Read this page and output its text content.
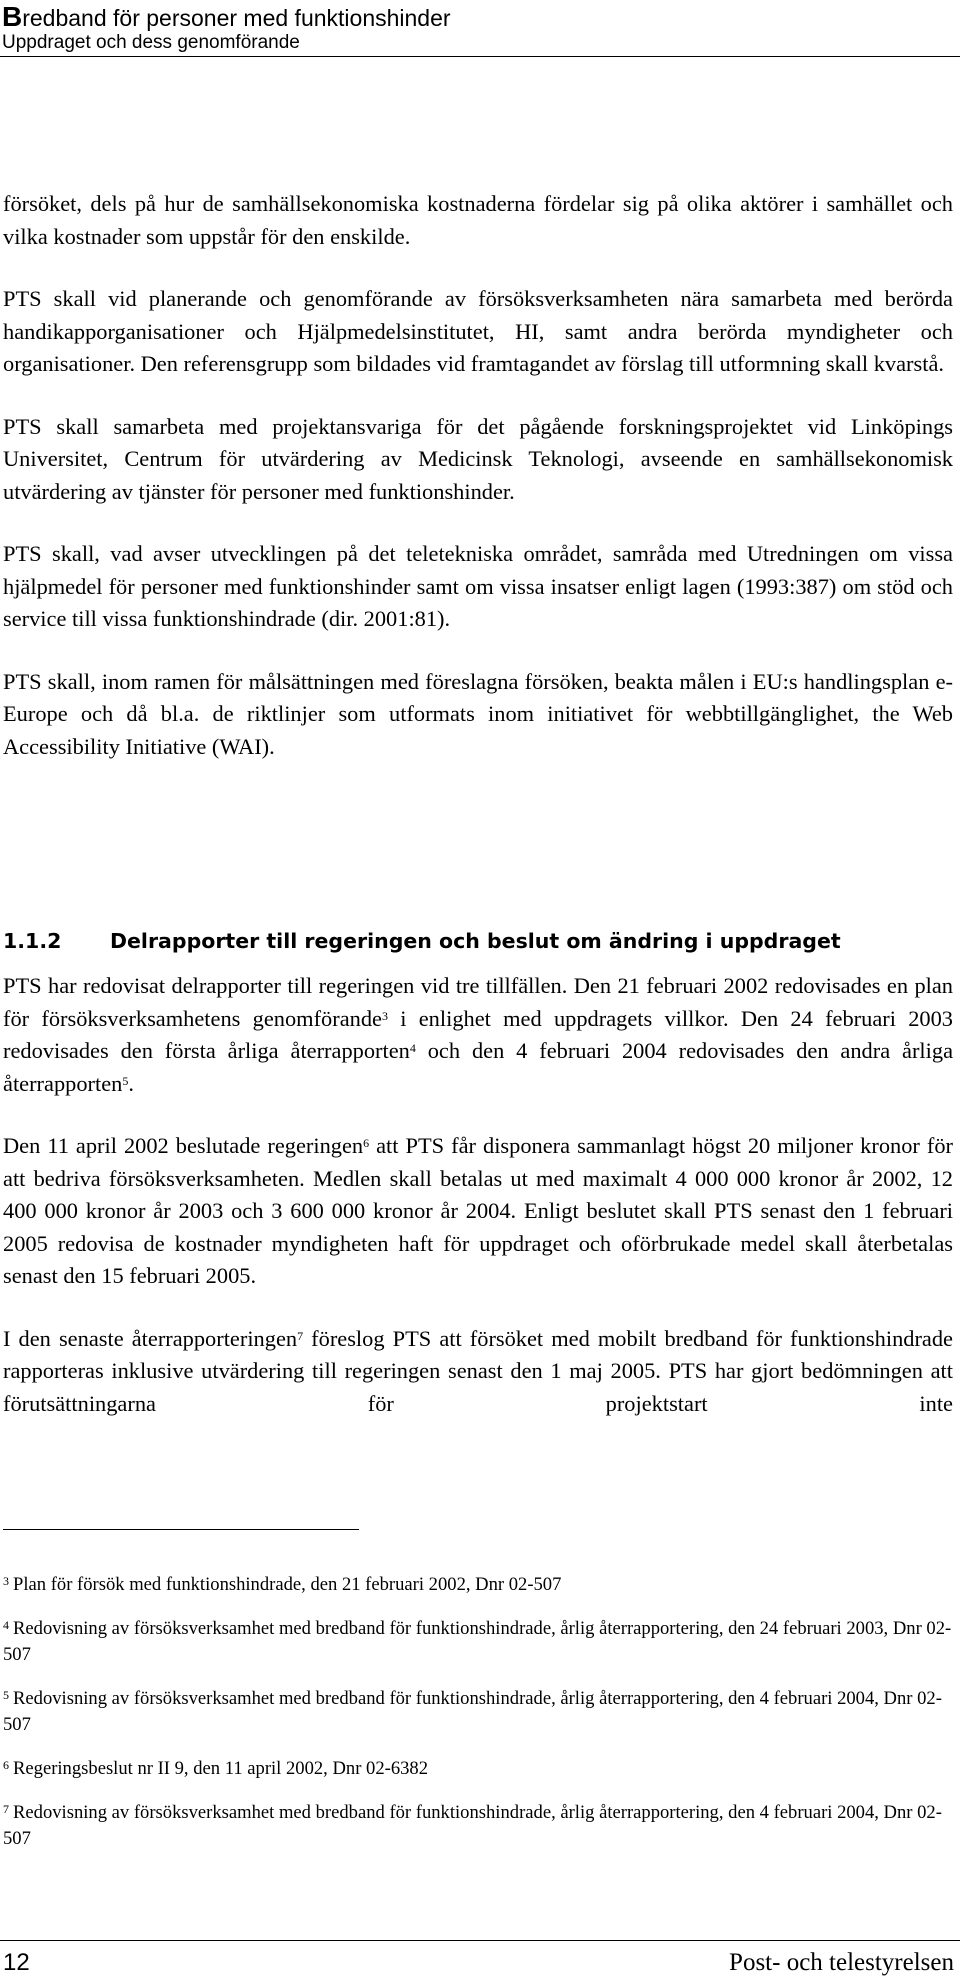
Bredband för personer med funktionshinder
Uppdraget och dess genomförande

försöket, dels på hur de samhällsekonomiska kostnaderna fördelar sig på olika aktörer i samhället och vilka kostnader som uppstår för den enskilde.

PTS skall vid planerande och genomförande av försöksverksamheten nära samarbeta med berörda handikapporganisationer och Hjälpmedelsinstitutet, HI, samt andra berörda myndigheter och organisationer. Den referensgrupp som bildades vid framtagandet av förslag till utformning skall kvarstå.

PTS skall samarbeta med projektansvariga för det pågående forskningsprojektet vid Linköpings Universitet, Centrum för utvärdering av Medicinsk Teknologi, avseende en samhällsekonomisk utvärdering av tjänster för personer med funktionshinder.

PTS skall, vad avser utvecklingen på det teletekniska området, samråda med Utredningen om vissa hjälpmedel för personer med funktionshinder samt om vissa insatser enligt lagen (1993:387) om stöd och service till vissa funktionshindrade (dir. 2001:81).

PTS skall, inom ramen för målsättningen med föreslagna försöken, beakta målen i EU:s handlingsplan e-Europe och då bl.a. de riktlinjer som utformats inom initiativet för webbtillgänglighet, the Web Accessibility Initiative (WAI).

1.1.2 Delrapporter till regeringen och beslut om ändring i uppdraget

PTS har redovisat delrapporter till regeringen vid tre tillfällen. Den 21 februari 2002 redovisades en plan för försöksverksamhetens genomförande$^3$ i enlighet med uppdragets villkor. Den 24 februari 2003 redovisades den första årliga återrapporten$^4$ och den 4 februari 2004 redovisades den andra årliga återrapporten$^5$.

Den 11 april 2002 beslutade regeringen$^6$ att PTS får disponera sammanlagt högst 20 miljoner kronor för att bedriva försöksverksamheten. Medlen skall betalas ut med maximalt 4 000 000 kronor år 2002, 12 400 000 kronor år 2003 och 3 600 000 kronor år 2004. Enligt beslutet skall PTS senast den 1 februari 2005 redovisa de kostnader myndigheten haft för uppdraget och oförbrukade medel skall återbetalas senast den 15 februari 2005.

I den senaste återrapporteringen$^7$ föreslog PTS att försöket med mobilt bredband för funktionshindrade rapporteras inklusive utvärdering till regeringen senast den 1 maj 2005. PTS har gjort bedömningen att förutsättningarna för projektstart inte

$^3$ Plan för försök med funktionshindrade, den 21 februari 2002, Dnr 02-507

$^4$ Redovisning av försöksverksamhet med bredband för funktionshindrade, årlig återrapportering, den 24 februari 2003, Dnr 02-507

$^5$ Redovisning av försöksverksamhet med bredband för funktionshindrade, årlig återrapportering, den 4 februari 2004, Dnr 02-507

$^6$ Regeringsbeslut nr II 9, den 11 april 2002, Dnr 02-6382

$^7$ Redovisning av försöksverksamhet med bredband för funktionshindrade, årlig återrapportering, den 4 februari 2004, Dnr 02-507

12	Post- och telestyrelsen
